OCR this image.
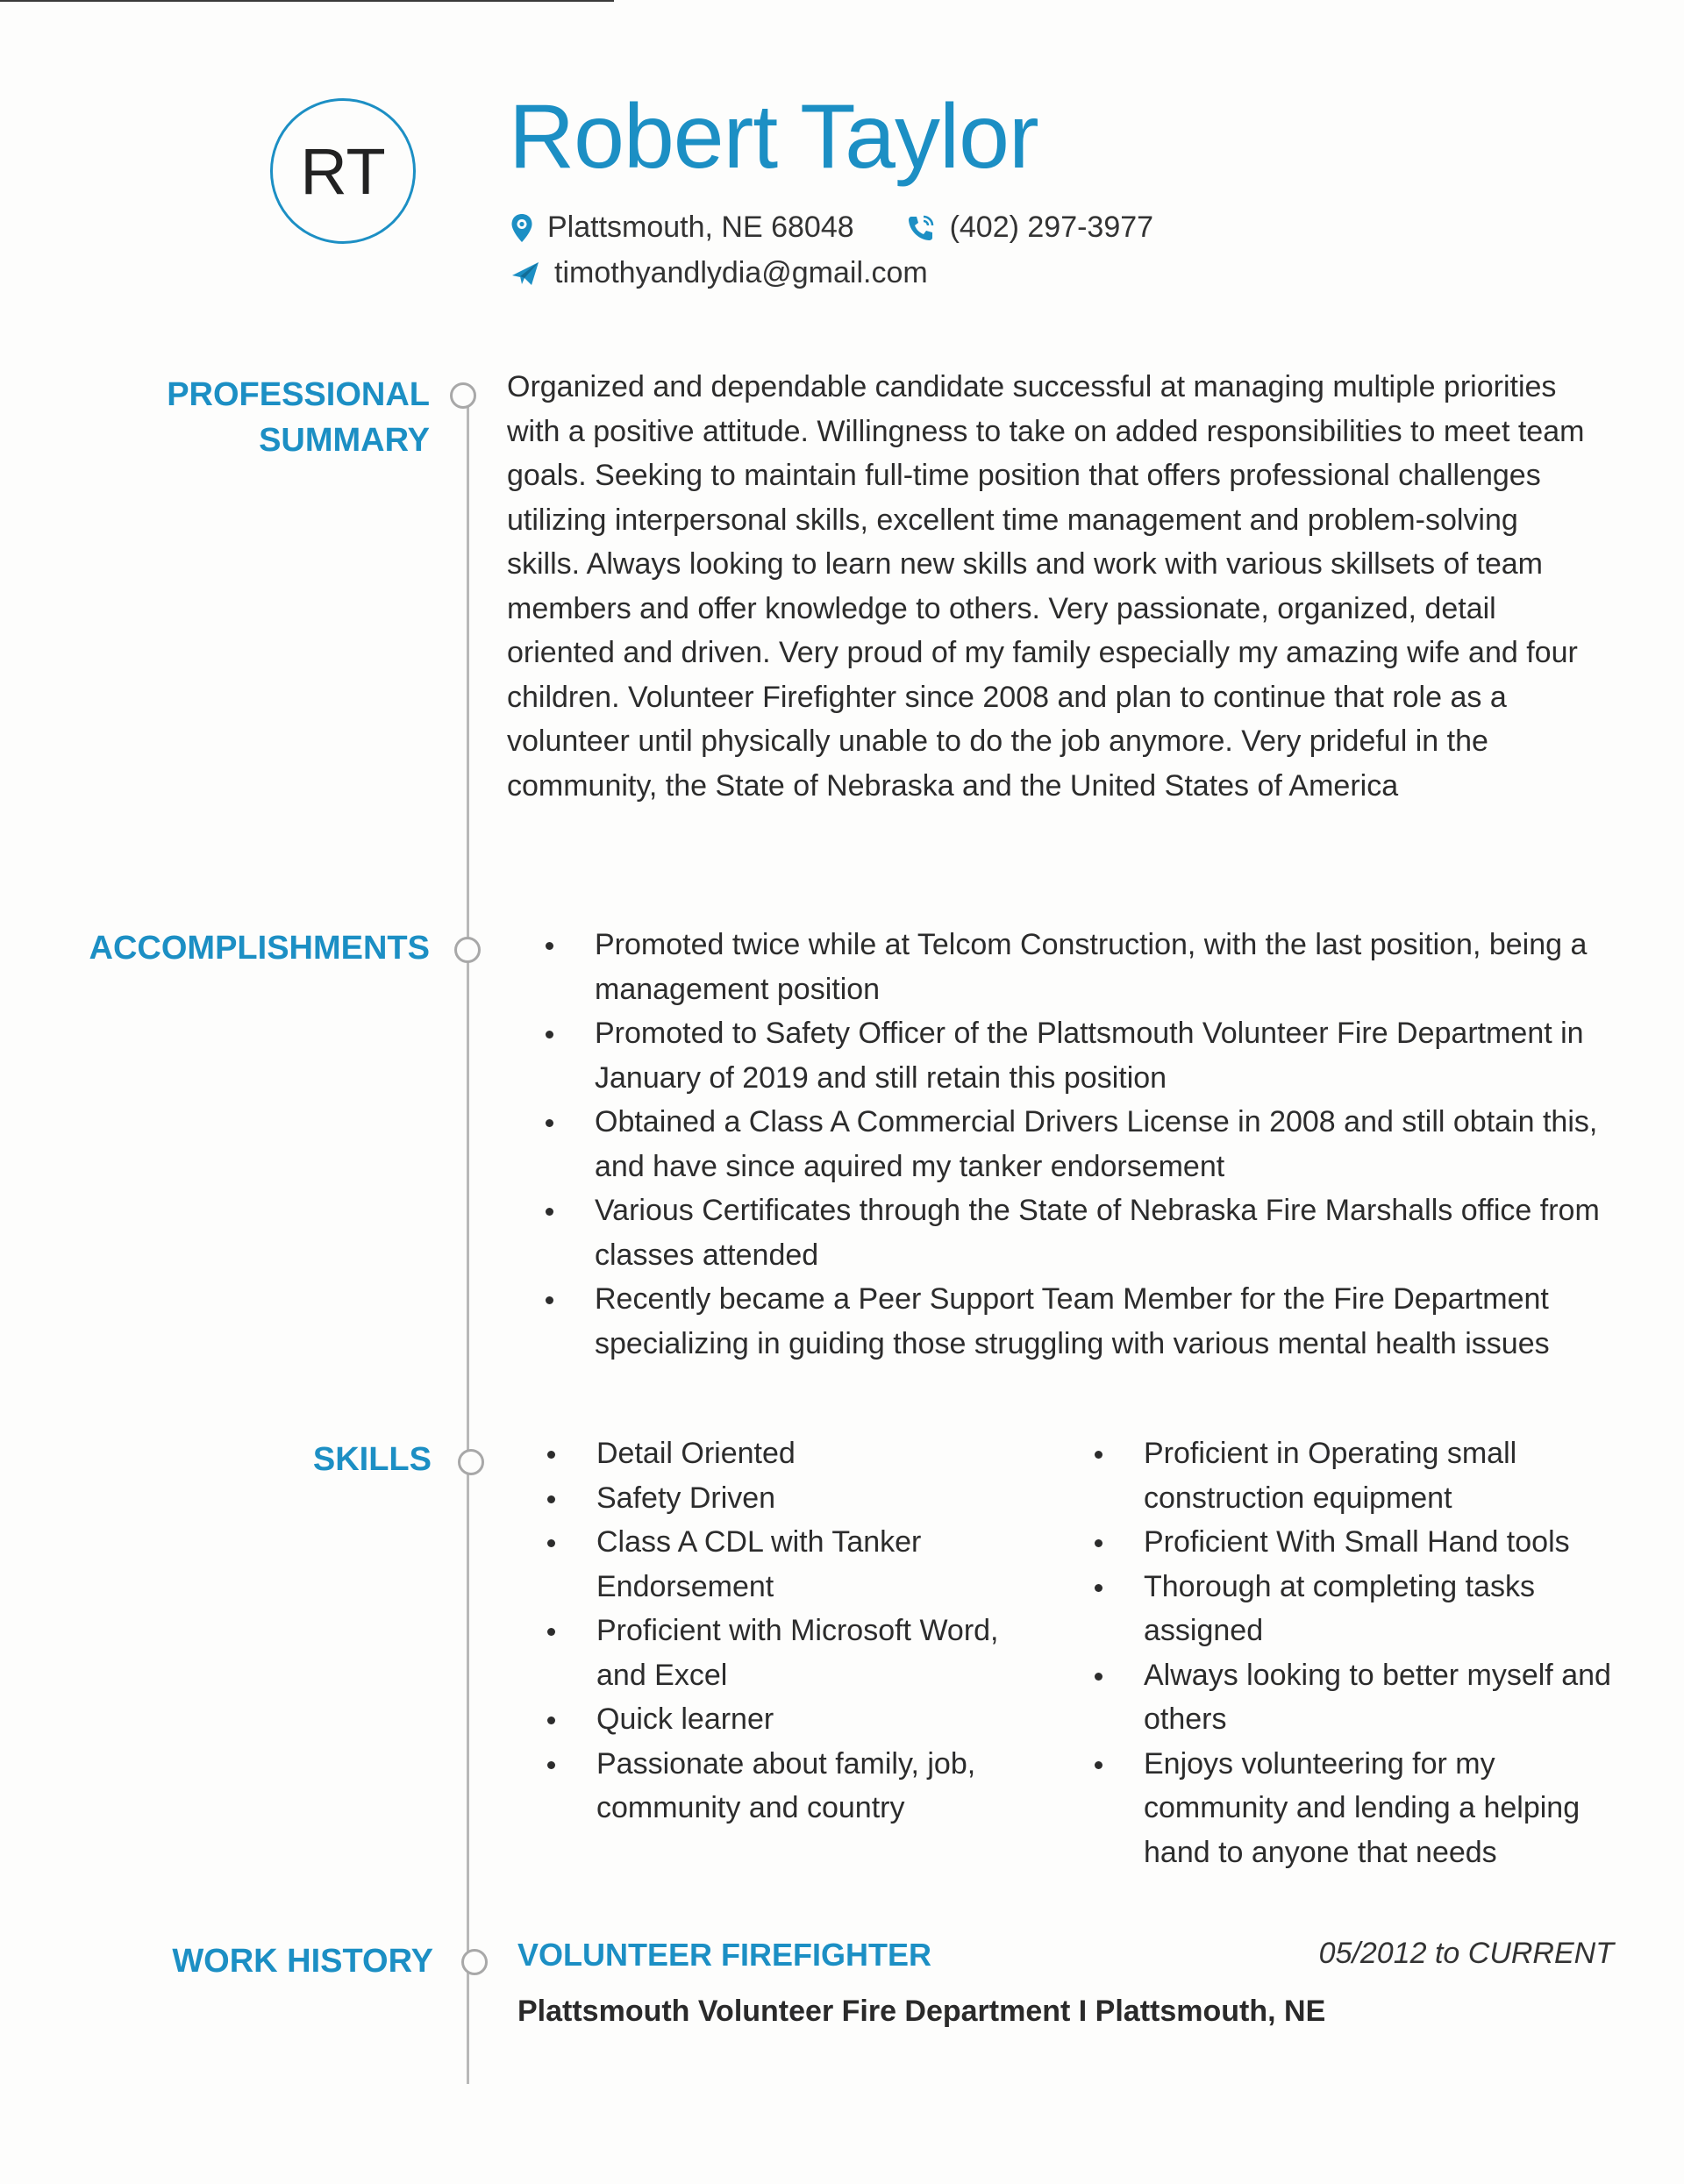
RT Robert Taylor
Plattsmouth, NE 68048
	(402) 297-3977
timothyandlydia@gmail.com
PROFESSIONAL
SUMMARY

Organized and dependable candidate successful at managing multiple priorities with a positive attitude. Willingness to take on added responsibilities to meet team goals. Seeking to maintain full-time position that offers professional challenges utilizing interpersonal skills, excellent time management and problem-solving skills. Always looking to learn new skills and work with various skillsets of team members and offer knowledge to others. Very passionate, organized, detail oriented and driven. Very proud of my family especially my amazing wife and four children. Volunteer Firefighter since 2008 and plan to continue that role as a volunteer until physically unable to do the job anymore. Very prideful in the community, the State of Nebraska and the United States of America

ACCOMPLISHMENTS	Promoted twice while at Telcom Construction, with the last position, being a management position
Promoted to Safety Officer of the Plattsmouth Volunteer Fire Department in January of 2019 and still retain this position
Obtained a Class A Commercial Drivers License in 2008 and still obtain this, and have since aquired my tanker endorsement
Various Certificates through the State of Nebraska Fire Marshalls office from classes attended
Recently became a Peer Support Team Member for the Fire Department specializing in guiding those struggling with various mental health issues
SKILLS	Detail Oriented
Safety Driven
Class A CDL with Tanker Endorsement
Proficient with Microsoft Word, and Excel
Quick learner
Passionate about family, job, community and country
Proficient in Operating small construction equipment
Proficient With Small Hand tools
Thorough at completing tasks assigned
Always looking to better myself and others
Enjoys volunteering for my community and lending a helping hand to anyone that needs
WORK HISTORY	VOLUNTEER FIREFIGHTER	05/2012 to CURRENT
Plattsmouth Volunteer Fire Department I Plattsmouth, NE
